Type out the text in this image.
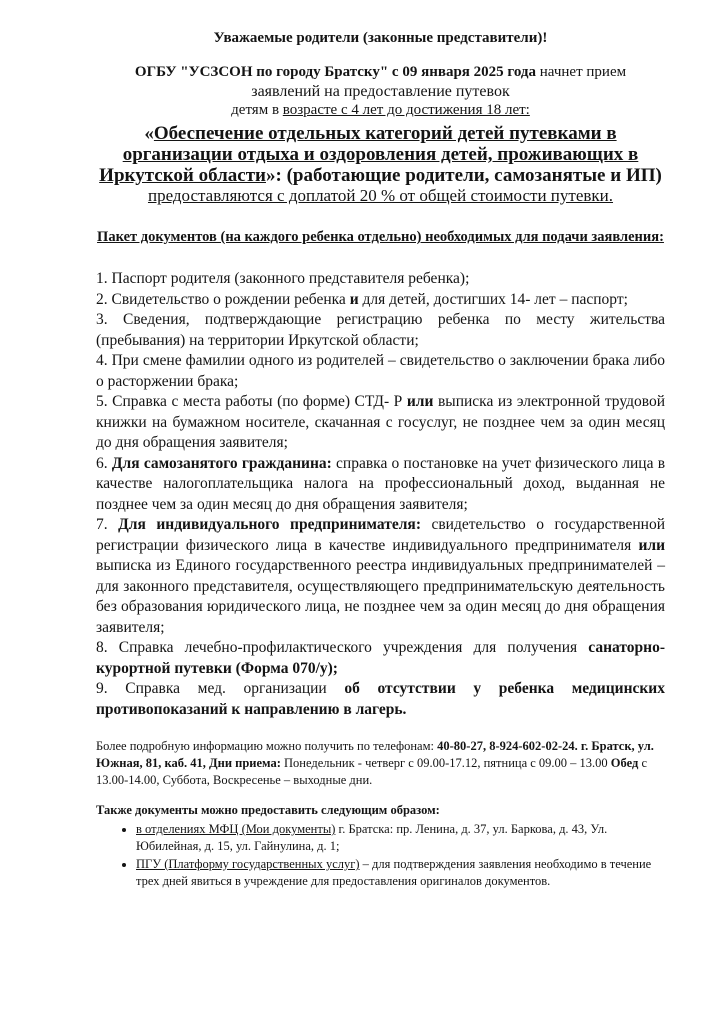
Уважаемые родители (законные представители)!
ОГБУ "УСЗСОН по городу Братску" с 09 января 2025 года начнет прием
заявлений на предоставление путевок
детям в возрасте с 4 лет до достижения 18 лет:
«Обеспечение отдельных категорий детей путевками в организации отдыха и оздоровления детей, проживающих в Иркутской области»: (работающие родители, самозанятые и ИП)
предоставляются с доплатой 20 % от общей стоимости путевки.
Пакет документов (на каждого ребенка отдельно) необходимых для подачи заявления:
1. Паспорт родителя (законного представителя ребенка);
2. Свидетельство о рождении ребенка и для детей, достигших 14- лет – паспорт;
3. Сведения, подтверждающие регистрацию ребенка по месту жительства (пребывания) на территории Иркутской области;
4. При смене фамилии одного из родителей – свидетельство о заключении брака либо о расторжении брака;
5. Справка с места работы (по форме) СТД- Р или выписка из электронной трудовой книжки на бумажном носителе, скачанная с госуслуг, не позднее чем за один месяц до дня обращения заявителя;
6. Для самозанятого гражданина: справка о постановке на учет физического лица в качестве налогоплательщика налога на профессиональный доход, выданная не позднее чем за один месяц до дня обращения заявителя;
7. Для индивидуального предпринимателя: свидетельство о государственной регистрации физического лица в качестве индивидуального предпринимателя или выписка из Единого государственного реестра индивидуальных предпринимателей – для законного представителя, осуществляющего предпринимательскую деятельность без образования юридического лица, не позднее чем за один месяц до дня обращения заявителя;
8. Справка лечебно-профилактического учреждения для получения санаторно-курортной путевки (Форма 070/у);
9. Справка мед. организации об отсутствии у ребенка медицинских противопоказаний к направлению в лагерь.
Более подробную информацию можно получить по телефонам: 40-80-27, 8-924-602-02-24. г. Братск, ул. Южная, 81, каб. 41, Дни приема: Понедельник - четверг с 09.00-17.12, пятница с 09.00 – 13.00 Обед с 13.00-14.00, Суббота, Воскресенье – выходные дни.
Также документы можно предоставить следующим образом:
• в отделениях МФЦ (Мои документы) г. Братска: пр. Ленина, д. 37, ул. Баркова, д. 43, Ул. Юбилейная, д. 15, ул. Гайнулина, д. 1;
• ПГУ (Платформу государственных услуг) – для подтверждения заявления необходимо в течение трех дней явиться в учреждение для предоставления оригиналов документов.
